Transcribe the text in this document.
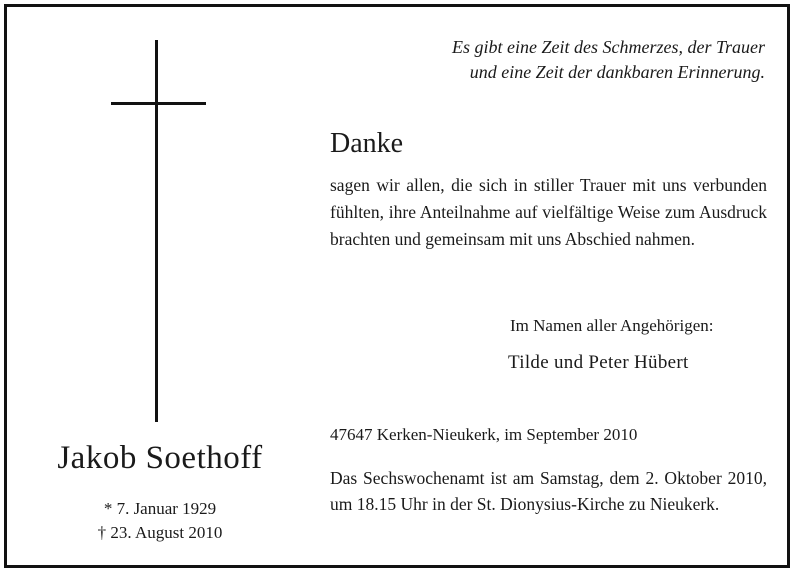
Jakob Soethoff
* 7. Januar 1929
† 23. August 2010
Es gibt eine Zeit des Schmerzes, der Trauer
und eine Zeit der dankbaren Erinnerung.
Danke
sagen wir allen, die sich in stiller Trauer mit uns verbunden fühlten, ihre Anteilnahme auf vielfältige Weise zum Ausdruck brachten und gemeinsam mit uns Abschied nahmen.
Im Namen aller Angehörigen:
Tilde und Peter Hübert
47647 Kerken-Nieukerk, im September 2010
Das Sechswochenamt ist am Samstag, dem 2. Oktober 2010, um 18.15 Uhr in der St. Dionysius-Kirche zu Nieukerk.
